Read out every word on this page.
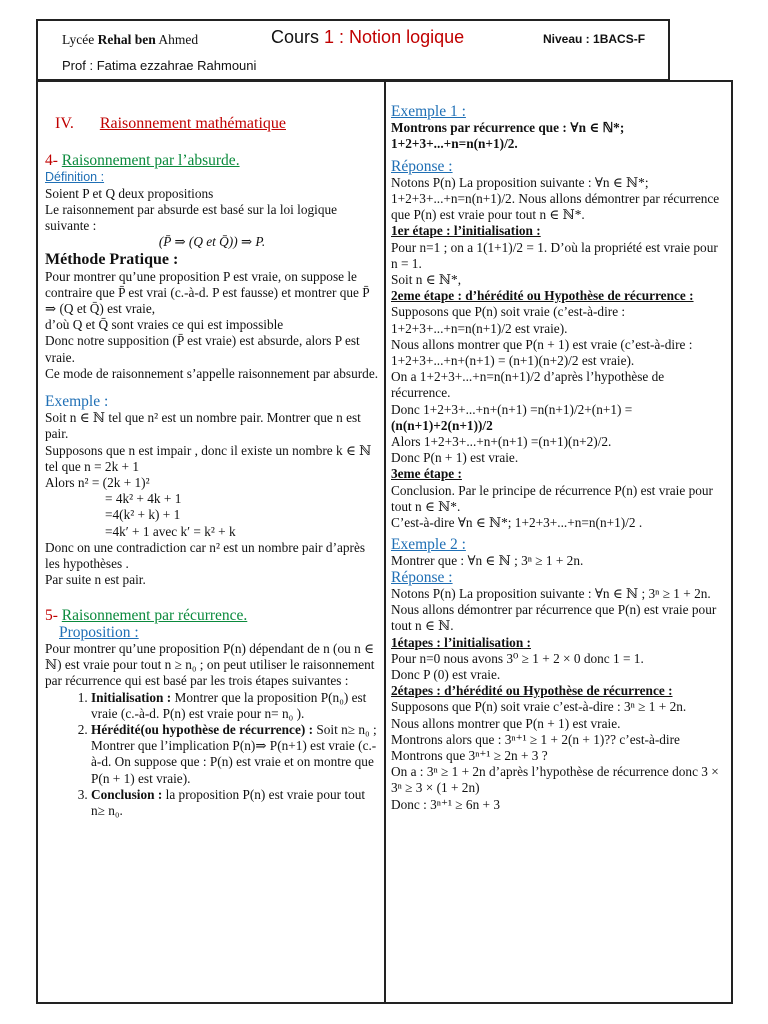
Lycée Rehal ben Ahmed	Cours 1 : Notion logique	Niveau : 1BACS-F
Prof : Fatima ezzahrae Rahmouni

IV. Raisonnement mathématique

4- Raisonnement par l’absurde.

Définition :

Soient P et Q deux propositions

Le raisonnement par absurde est basé sur la loi logique suivante :

(P̄ ⇒ (Q et Q̄)) ⇒ P.

Méthode Pratique :

Pour montrer qu’une proposition P est vraie, on suppose le contraire que P̄ est vrai (c.-à-d. P est fausse) et montrer que P̄ ⇒ (Q et Q̄) est vraie,

d’où Q et Q̄ sont vraies ce qui est impossible

Donc notre supposition (P̄ est vraie) est absurde, alors P est vraie.

Ce mode de raisonnement s’appelle raisonnement par absurde.

Exemple :

Soit n ∈ ℕ tel que n² est un nombre pair. Montrer que n est pair.

Supposons que n est impair , donc il existe un nombre k ∈ ℕ tel que n = 2k + 1

Alors n² = (2k + 1)²

= 4k² + 4k + 1

=4(k² + k) + 1

=4k′ + 1 avec k′ = k² + k

Donc on une contradiction car n² est un nombre pair d’après les hypothèses .

Par suite n est pair.

5- Raisonnement par récurrence.

Proposition :

Pour montrer qu’une proposition P(n) dépendant de n (ou n ∈ ℕ) est vraie pour tout n ≥ n₀ ; on peut utiliser le raisonnement par récurrence qui est basé par les trois étapes suivantes :

1. Initialisation : Montrer que la proposition P(n₀) est vraie (c.-à-d. P(n) est vraie pour n= n₀ ).
2. Hérédité(ou hypothèse de récurrence) : Soit n≥ n₀ ; Montrer que l’implication P(n)⇒ P(n+1) est vraie (c.-à-d. On suppose que : P(n) est vraie et on montre que P(n + 1) est vraie).
3. Conclusion : la proposition P(n) est vraie pour tout n≥ n₀.

Exemple 1 :

Montrons par récurrence que : ∀n ∈ ℕ*; 1+2+3+...+n=n(n+1)/2.

Réponse :

Notons P(n) La proposition suivante : ∀n ∈ ℕ*; 1+2+3+...+n=n(n+1)/2. Nous allons démontrer par récurrence que P(n) est vraie pour tout n ∈ ℕ*.

1er étape : l’initialisation :

Pour n=1 ; on a 1(1+1)/2 = 1. D’où la propriété est vraie pour n = 1.

Soit n ∈ ℕ*,

2eme étape : d’hérédité ou Hypothèse de récurrence :

Supposons que P(n) soit vraie (c’est-à-dire : 1+2+3+...+n=n(n+1)/2 est vraie).

Nous allons montrer que P(n + 1) est vraie (c’est-à-dire : 1+2+3+...+n+(n+1) = (n+1)(n+2)/2 est vraie).

On a 1+2+3+...+n=n(n+1)/2 d’après l’hypothèse de récurrence.

Donc 1+2+3+...+n+(n+1) =n(n+1)/2+(n+1) =

(n(n+1)+2(n+1))/2

Alors 1+2+3+...+n+(n+1) =(n+1)(n+2)/2.

Donc P(n + 1) est vraie.

3eme étape :

Conclusion. Par le principe de récurrence P(n) est vraie pour tout n ∈ ℕ*.

C’est-à-dire ∀n ∈ ℕ*; 1+2+3+...+n=n(n+1)/2 .

Exemple 2 :

Montrer que : ∀n ∈ ℕ ; 3ⁿ ≥ 1 + 2n.

Réponse :

Notons P(n) La proposition suivante : ∀n ∈ ℕ ; 3ⁿ ≥ 1 + 2n. Nous allons démontrer par récurrence que P(n) est vraie pour tout n ∈ ℕ.

1étapes : l’initialisation :

Pour n=0 nous avons 3⁰ ≥ 1 + 2 × 0 donc 1 = 1.

Donc P (0) est vraie.

2étapes : d’hérédité ou Hypothèse de récurrence :

Supposons que P(n) soit vraie c’est-à-dire : 3ⁿ ≥ 1 + 2n.

Nous allons montrer que P(n + 1) est vraie.

Montrons alors que : 3ⁿ⁺¹ ≥ 1 + 2(n + 1)?? c’est-à-dire Montrons que 3ⁿ⁺¹ ≥ 2n + 3 ?

On a : 3ⁿ ≥ 1 + 2n d’après l’hypothèse de récurrence donc 3 × 3ⁿ ≥ 3 × (1 + 2n)

Donc : 3ⁿ⁺¹ ≥ 6n + 3
